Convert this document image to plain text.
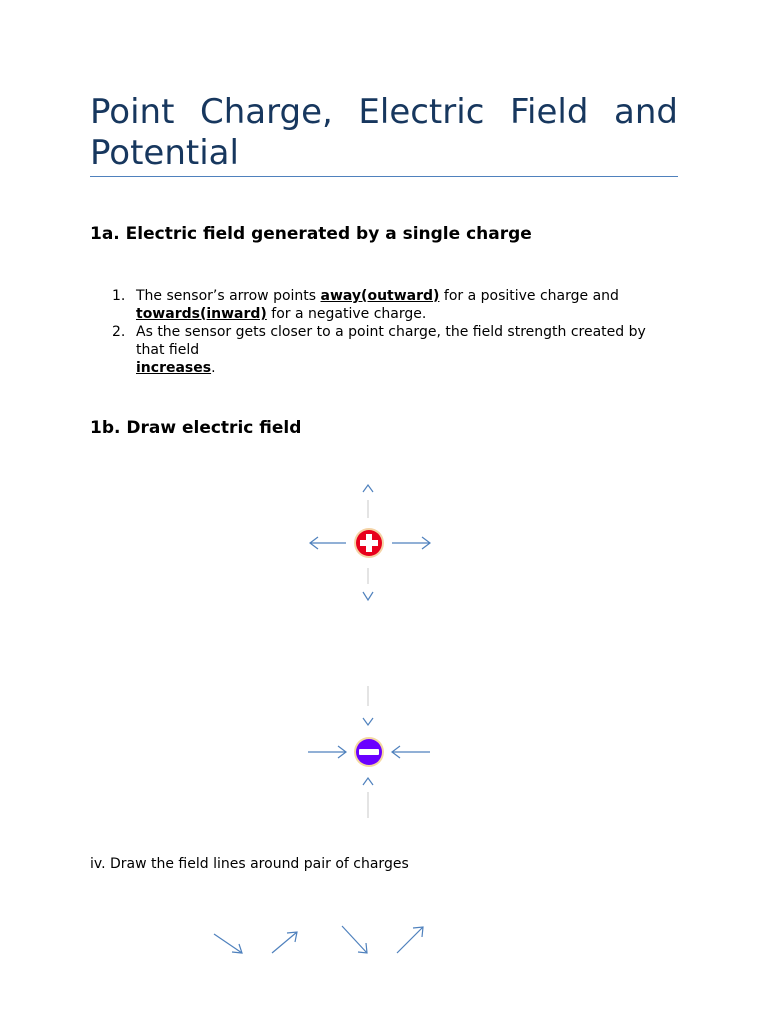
Point Charge, Electric Field and Potential
1a. Electric field generated by a single charge
1. The sensor’s arrow points away(outward) for a positive charge and
towards(inward) for a negative charge.
2. As the sensor gets closer to a point charge, the field strength created by that field
increases.
1b. Draw electric field

iv. Draw the field lines around pair of charges
